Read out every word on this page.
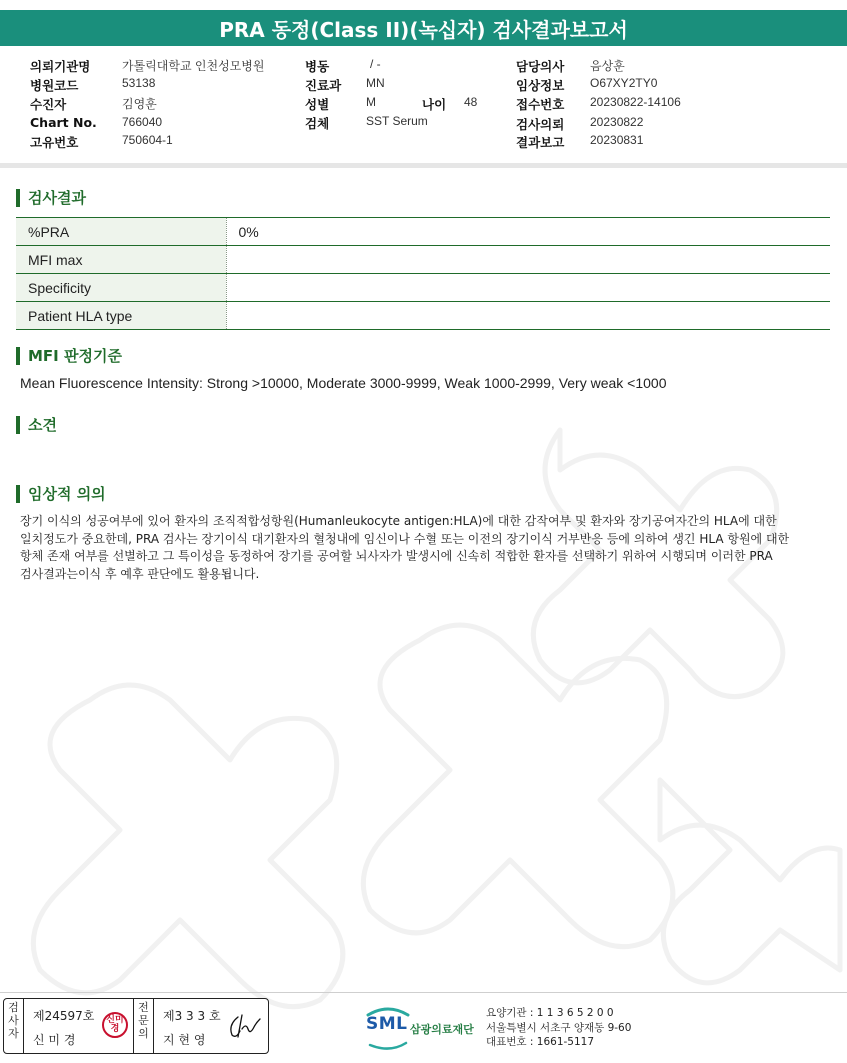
PRA 동정(Class II)(녹십자) 검사결과보고서
의뢰기관명	가톨릭대학교 인천성모병원
병원코드	53138
수진자	김영훈
Chart No. 766040
고유번호	750604-1
병동	/ -
진료과 MN
성별	M	나이 48
검체	SST Serum
담당의사 음상훈
임상정보 O67XY2TY0
접수번호 20230822-14106
검사의뢰 20230822
결과보고 20230831
검사결과
%PRA	0%
MFI max	
Specificity	
Patient HLA type	
MFI 판정기준
Mean Fluorescence Intensity: Strong >10000, Moderate 3000-9999, Weak 1000-2999, Very weak <1000
소견
임상적 의의
장기 이식의 성공여부에 있어 환자의 조직적합성항원(Humanleukocyte antigen:HLA)에 대한 감작여부 및 환자와 장기공여자간의 HLA에 대한
일치정도가 중요한데, PRA 검사는 장기이식 대기환자의 혈청내에 임신이나 수혈 또는 이전의 장기이식 거부반응 등에 의하여 생긴 HLA 항원에 대한
항체 존재 여부를 선별하고 그 특이성을 동정하여 장기를 공여할 뇌사자가 발생시에 신속히 적합한 환자를 선택하기 위하여 시행되며 이러한 PRA
검사결과는이식 후 예후 판단에도 활용됩니다.
검사자
제24597호
신 미 경
신미경
전문의
제3 3 3 호
지 현 영
SML 삼광의료재단
요양기관 : 1 1 3 6 5 2 0 0
서울특별시 서초구 양재동 9-60
대표번호 : 1661-5117
